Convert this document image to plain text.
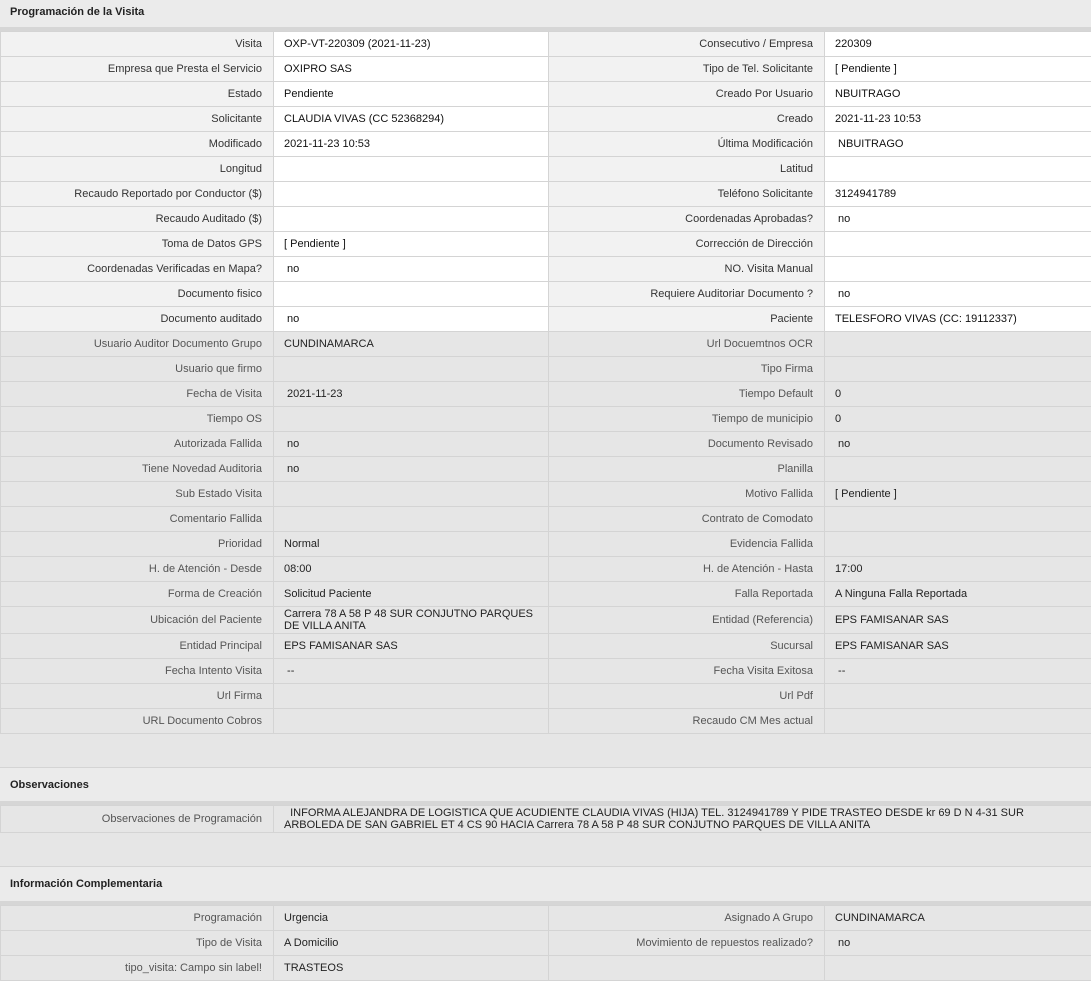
Programación de la Visita
Visita	OXP-VT-220309 (2021-11-23)	Consecutivo / Empresa	220309
Empresa que Presta el Servicio	OXIPRO SAS	Tipo de Tel. Solicitante	[ Pendiente ]
Estado	Pendiente	Creado Por Usuario	NBUITRAGO
Solicitante	CLAUDIA VIVAS (CC 52368294)	Creado	2021-11-23 10:53
Modificado	2021-11-23 10:53	Última Modificación	NBUITRAGO
Longitud		Latitud	
Recaudo Reportado por Conductor ($)		Teléfono Solicitante	3124941789
Recaudo Auditado ($)		Coordenadas Aprobadas?	no
Toma de Datos GPS	[ Pendiente ]	Corrección de Dirección	
Coordenadas Verificadas en Mapa?	no	NO. Visita Manual	
Documento fisico		Requiere Auditoriar Documento ?	no
Documento auditado	no	Paciente	TELESFORO VIVAS (CC: 19112337)
Usuario Auditor Documento Grupo	CUNDINAMARCA	Url Docuemtnos OCR	
Usuario que firmo		Tipo Firma	
Fecha de Visita	2021-11-23	Tiempo Default	0
Tiempo OS		Tiempo de municipio	0
Autorizada Fallida	no	Documento Revisado	no
Tiene Novedad Auditoria	no	Planilla	
Sub Estado Visita		Motivo Fallida	[ Pendiente ]
Comentario Fallida		Contrato de Comodato	
Prioridad	Normal	Evidencia Fallida	
H. de Atención - Desde	08:00	H. de Atención - Hasta	17:00
Forma de Creación	Solicitud Paciente	Falla Reportada	A Ninguna Falla Reportada
Ubicación del Paciente	Carrera 78 A 58 P 48 SUR CONJUTNO PARQUES DE VILLA ANITA	Entidad (Referencia)	EPS FAMISANAR SAS
Entidad Principal	EPS FAMISANAR SAS	Sucursal	EPS FAMISANAR SAS
Fecha Intento Visita	--	Fecha Visita Exitosa	--
Url Firma		Url Pdf	
URL Documento Cobros		Recaudo CM Mes actual	
Observaciones
Observaciones de Programación	INFORMA ALEJANDRA DE LOGISTICA QUE ACUDIENTE CLAUDIA VIVAS (HIJA) TEL. 3124941789 Y PIDE TRASTEO DESDE kr 69 D N 4-31 SUR ARBOLEDA DE SAN GABRIEL ET 4 CS 90 HACIA Carrera 78 A 58 P 48 SUR CONJUTNO PARQUES DE VILLA ANITA
Información Complementaria
Programación	Urgencia	Asignado A Grupo	CUNDINAMARCA
Tipo de Visita	A Domicilio	Movimiento de repuestos realizado?	no
tipo_visita: Campo sin label!	TRASTEOS		
